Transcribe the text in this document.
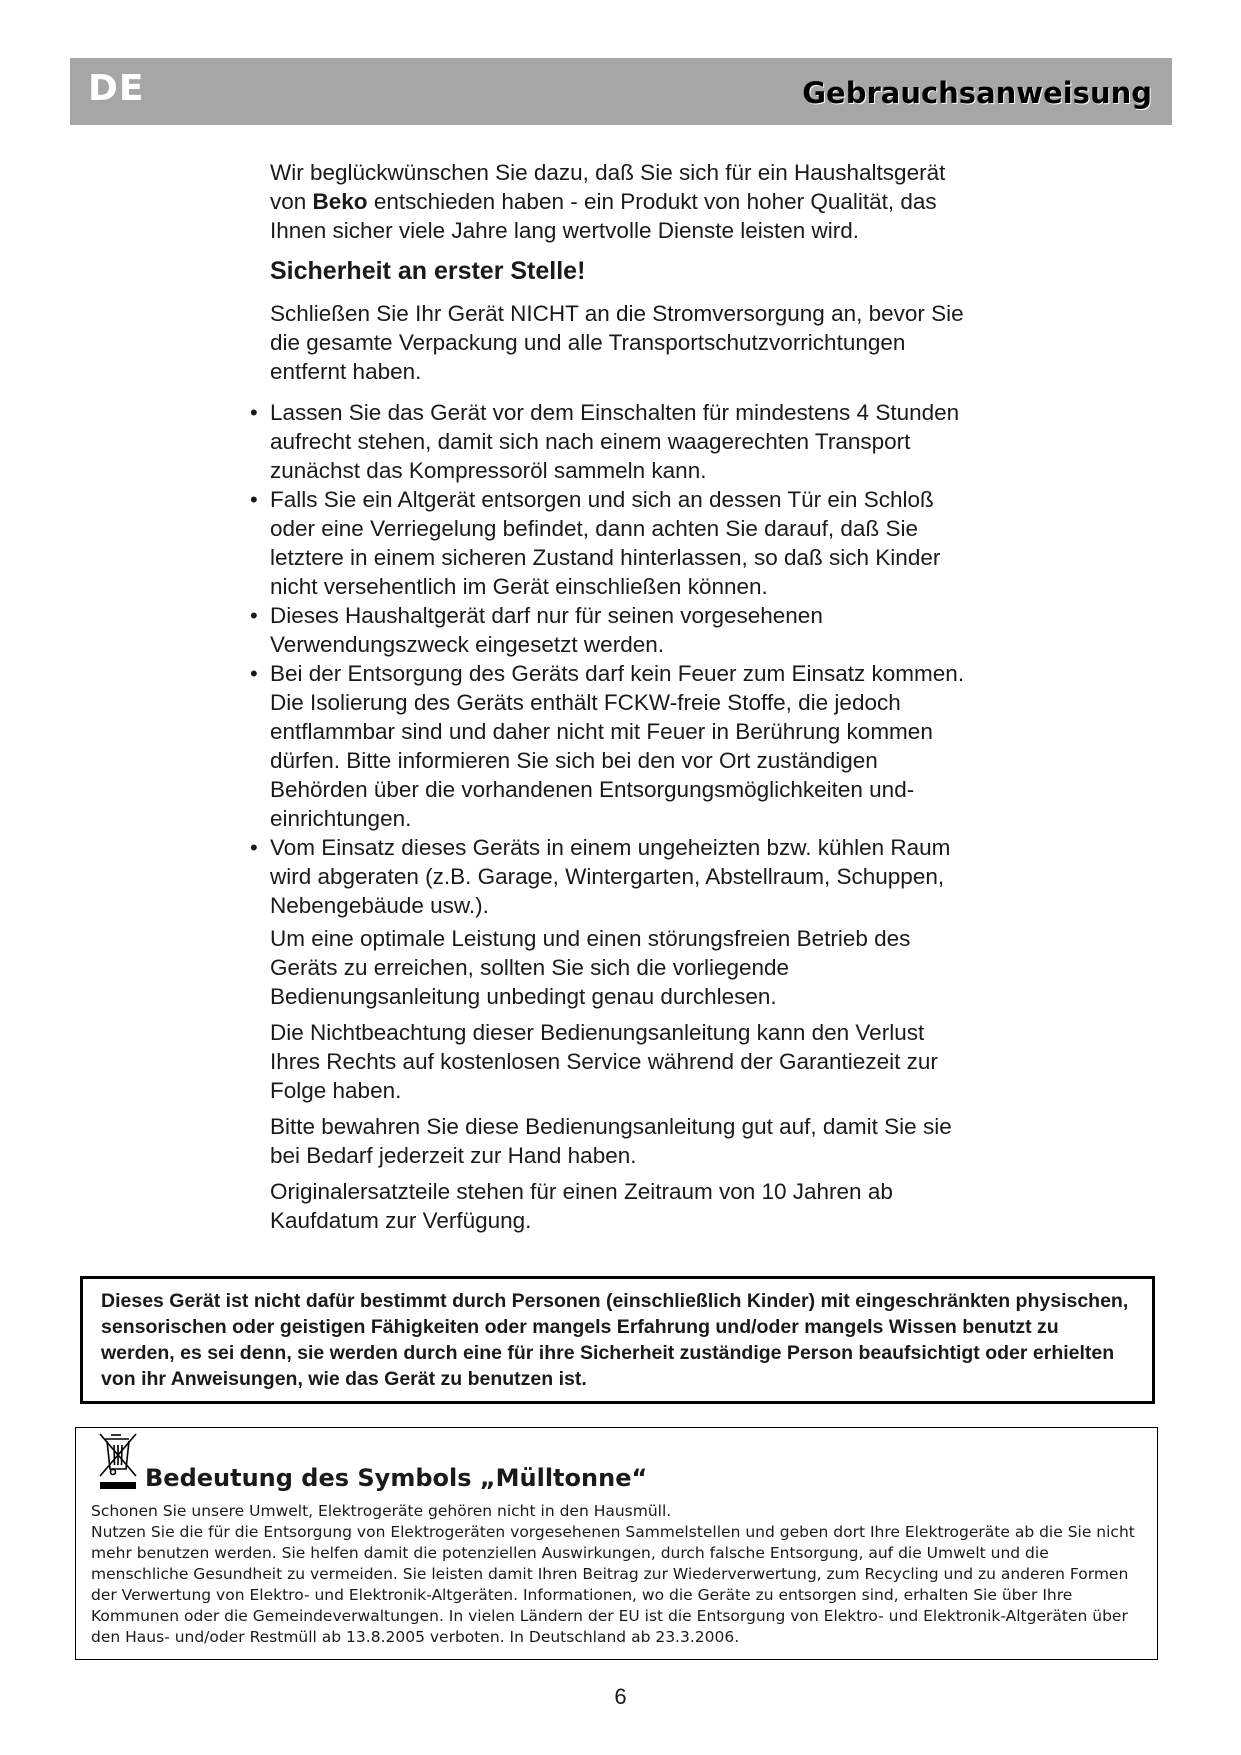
DE	Gebrauchsanweisung

Wir beglückwünschen Sie dazu, daß Sie sich für ein Haushaltsgerät von Beko entschieden haben - ein Produkt von hoher Qualität, das Ihnen sicher viele Jahre lang wertvolle Dienste leisten wird.

Sicherheit an erster Stelle!

Schließen Sie Ihr Gerät NICHT an die Stromversorgung an, bevor Sie die gesamte Verpackung und alle Transportschutzvorrichtungen entfernt haben.

• Lassen Sie das Gerät vor dem Einschalten für mindestens 4 Stunden aufrecht stehen, damit sich nach einem waagerechten Transport zunächst das Kompressoröl sammeln kann.
• Falls Sie ein Altgerät entsorgen und sich an dessen Tür ein Schloß oder eine Verriegelung befindet, dann achten Sie darauf, daß Sie letztere in einem sicheren Zustand hinterlassen, so daß sich Kinder nicht versehentlich im Gerät einschließen können.
• Dieses Haushaltgerät darf nur für seinen vorgesehenen Verwendungszweck eingesetzt werden.
• Bei der Entsorgung des Geräts darf kein Feuer zum Einsatz kommen. Die Isolierung des Geräts enthält FCKW-freie Stoffe, die jedoch entflammbar sind und daher nicht mit Feuer in Berührung kommen dürfen. Bitte informieren Sie sich bei den vor Ort zuständigen Behörden über die vorhandenen Entsorgungsmöglichkeiten und-einrichtungen.
• Vom Einsatz dieses Geräts in einem ungeheizten bzw. kühlen Raum wird abgeraten (z.B. Garage, Wintergarten, Abstellraum, Schuppen, Nebengebäude usw.).

Um eine optimale Leistung und einen störungsfreien Betrieb des Geräts zu erreichen, sollten Sie sich die vorliegende Bedienungsanleitung unbedingt genau durchlesen.

Die Nichtbeachtung dieser Bedienungsanleitung kann den Verlust Ihres Rechts auf kostenlosen Service während der Garantiezeit zur Folge haben.

Bitte bewahren Sie diese Bedienungsanleitung gut auf, damit Sie sie bei Bedarf jederzeit zur Hand haben.

Originalersatzteile stehen für einen Zeitraum von 10 Jahren ab Kaufdatum zur Verfügung.

Dieses Gerät ist nicht dafür bestimmt durch Personen (einschließlich Kinder) mit eingeschränkten physischen, sensorischen oder geistigen Fähigkeiten oder mangels Erfahrung und/oder mangels Wissen benutzt zu werden, es sei denn, sie werden durch eine für ihre Sicherheit zuständige Person beaufsichtigt oder erhielten von ihr Anweisungen, wie das Gerät zu benutzen ist.
Bedeutung des Symbols „Mülltonne“

Schonen Sie unsere Umwelt, Elektrogeräte gehören nicht in den Hausmüll.
Nutzen Sie die für die Entsorgung von Elektrogeräten vorgesehenen Sammelstellen und geben dort Ihre Elektrogeräte ab die Sie nicht mehr benutzen werden. Sie helfen damit die potenziellen Auswirkungen, durch falsche Entsorgung, auf die Umwelt und die menschliche Gesundheit zu vermeiden. Sie leisten damit Ihren Beitrag zur Wiederverwertung, zum Recycling und zu anderen Formen der Verwertung von Elektro- und Elektronik-Altgeräten. Informationen, wo die Geräte zu entsorgen sind, erhalten Sie über Ihre Kommunen oder die Gemeindeverwaltungen. In vielen Ländern der EU ist die Entsorgung von Elektro- und Elektronik-Altgeräten über den Haus- und/oder Restmüll ab 13.8.2005 verboten. In Deutschland ab 23.3.2006.

6
